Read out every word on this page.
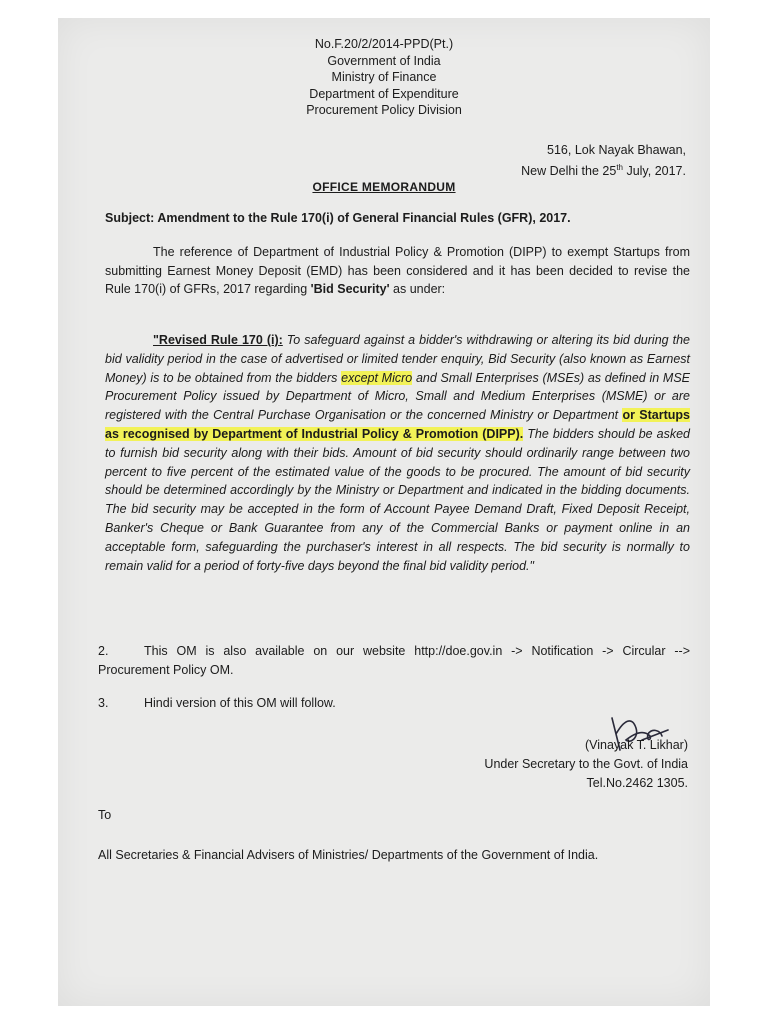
No.F.20/2/2014-PPD(Pt.)
Government of India
Ministry of Finance
Department of Expenditure
Procurement Policy Division
516, Lok Nayak Bhawan,
New Delhi the 25th July, 2017.
OFFICE MEMORANDUM
Subject: Amendment to the Rule 170(i) of General Financial Rules (GFR), 2017.
The reference of Department of Industrial Policy & Promotion (DIPP) to exempt Startups from submitting Earnest Money Deposit (EMD) has been considered and it has been decided to revise the Rule 170(i) of GFRs, 2017 regarding 'Bid Security' as under:
"Revised Rule 170 (i): To safeguard against a bidder's withdrawing or altering its bid during the bid validity period in the case of advertised or limited tender enquiry, Bid Security (also known as Earnest Money) is to be obtained from the bidders except Micro and Small Enterprises (MSEs) as defined in MSE Procurement Policy issued by Department of Micro, Small and Medium Enterprises (MSME) or are registered with the Central Purchase Organisation or the concerned Ministry or Department or Startups as recognised by Department of Industrial Policy & Promotion (DIPP). The bidders should be asked to furnish bid security along with their bids. Amount of bid security should ordinarily range between two percent to five percent of the estimated value of the goods to be procured. The amount of bid security should be determined accordingly by the Ministry or Department and indicated in the bidding documents. The bid security may be accepted in the form of Account Payee Demand Draft, Fixed Deposit Receipt, Banker's Cheque or Bank Guarantee from any of the Commercial Banks or payment online in an acceptable form, safeguarding the purchaser's interest in all respects. The bid security is normally to remain valid for a period of forty-five days beyond the final bid validity period."
2.	This OM is also available on our website http://doe.gov.in -> Notification -> Circular --> Procurement Policy OM.
3.	Hindi version of this OM will follow.
(Vinayak T. Likhar)
Under Secretary to the Govt. of India
Tel.No.2462 1305.
To
All Secretaries & Financial Advisers of Ministries/ Departments of the Government of India.
